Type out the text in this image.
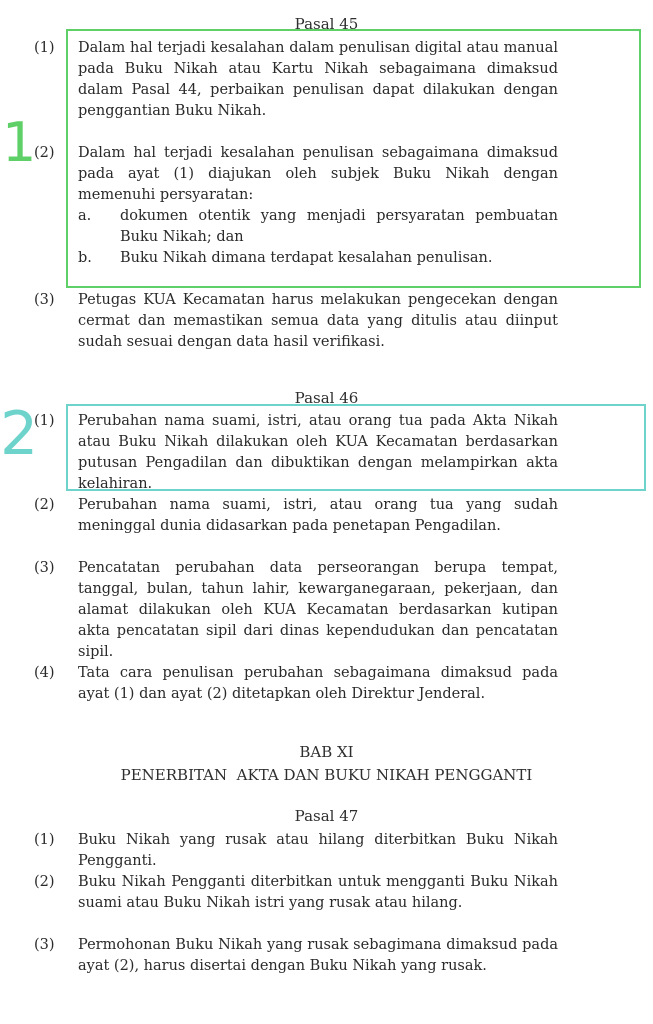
Pasal 45
(1)	Dalam hal terjadi kesalahan dalam penulisan digital atau manual pada Buku Nikah atau Kartu Nikah sebagaimana dimaksud dalam Pasal 44, perbaikan penulisan dapat dilakukan dengan penggantian Buku Nikah.
(2)	Dalam hal terjadi kesalahan penulisan sebagaimana dimaksud pada ayat (1) diajukan oleh subjek Buku Nikah dengan memenuhi persyaratan:
a.	dokumen otentik yang menjadi persyaratan pembuatan Buku Nikah; dan
b.	Buku Nikah dimana terdapat kesalahan penulisan.
(3)	Petugas KUA Kecamatan harus melakukan pengecekan dengan cermat dan memastikan semua data yang ditulis atau diinput sudah sesuai dengan data hasil verifikasi.
Pasal 46
(1)	Perubahan nama suami, istri, atau orang tua pada Akta Nikah atau Buku Nikah dilakukan oleh KUA Kecamatan berdasarkan putusan Pengadilan dan dibuktikan dengan melampirkan akta kelahiran.
(2)	Perubahan nama suami, istri, atau orang tua yang sudah meninggal dunia didasarkan pada penetapan Pengadilan.
(3)	Pencatatan perubahan data perseorangan berupa tempat, tanggal, bulan, tahun lahir, kewarganegaraan, pekerjaan, dan alamat dilakukan oleh KUA Kecamatan berdasarkan kutipan akta pencatatan sipil dari dinas kependudukan dan pencatatan sipil.
(4)	Tata cara penulisan perubahan sebagaimana dimaksud pada ayat (1) dan ayat (2) ditetapkan oleh Direktur Jenderal.
BAB XI
PENERBITAN  AKTA DAN BUKU NIKAH PENGGANTI
Pasal 47
(1)	Buku Nikah yang rusak atau hilang diterbitkan Buku Nikah Pengganti.
(2)	Buku Nikah Pengganti diterbitkan untuk mengganti Buku Nikah suami atau Buku Nikah istri yang rusak atau hilang.
(3)	Permohonan Buku Nikah yang rusak sebagimana dimaksud pada ayat (2), harus disertai dengan Buku Nikah yang rusak.
1
2
